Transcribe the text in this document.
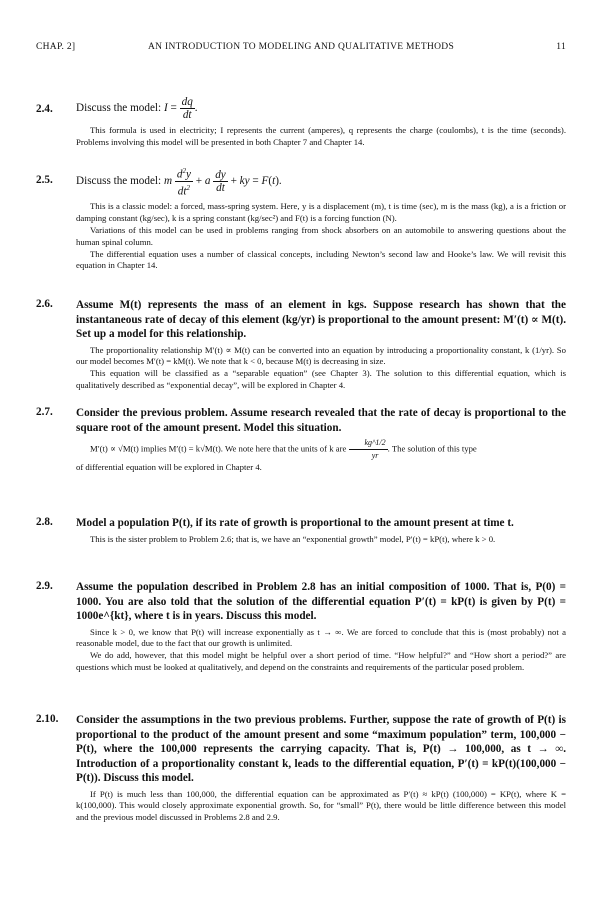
CHAP. 2]	AN INTRODUCTION TO MODELING AND QUALITATIVE METHODS	11
2.4.	Discuss the model: $I = \frac{dq}{dt}$ .

This formula is used in electricity; I represents the current (amperes), q represents the charge (coulombs), t is the time (seconds). Problems involving this model will be presented in both Chapter 7 and Chapter 14.

2.5.	Discuss the model: m $\frac{d^2y}{dt^2} + a \frac{dy}{dt}$ + ky = F(t).

This is a classic model: a forced, mass-spring system. Here, y is a displacement (m), t is time (sec), m is the mass (kg), a is a friction or damping constant (kg/sec), k is a spring constant (kg/sec²) and F(t) is a forcing function (N).

Variations of this model can be used in problems ranging from shock absorbers on an automobile to answering questions about the human spinal column.

The differential equation uses a number of classical concepts, including Newton’s second law and Hooke’s law. We will revisit this equation in Chapter 14.

2.6.	Assume M(t) represents the mass of an element in kgs. Suppose research has shown that the instantaneous rate of decay of this element (kg/yr) is proportional to the amount present: M′(t) ∝ M(t). Set up a model for this relationship.

The proportionality relationship M′(t) ∝ M(t) can be converted into an equation by introducing a proportionality constant, k (1/yr). So our model becomes M′(t) = kM(t). We note that k < 0, because M(t) is decreasing in size.

This equation will be classified as a “separable equation” (see Chapter 3). The solution to this differential equation, which is qualitatively described as “exponential decay”, will be explored in Chapter 4.

2.7.	Consider the previous problem. Assume research revealed that the rate of decay is proportional to the square root of the amount present. Model this situation.

M′(t) ∝ √M(t) implies M′(t) = k√M(t). We note here that the units of k are $\frac{kg\^{}1/2}{yr}$ . The solution of this type

of differential equation will be explored in Chapter 4.

2.8.	Model a population P(t), if its rate of growth is proportional to the amount present at time t.

This is the sister problem to Problem 2.6; that is, we have an “exponential growth” model, P′(t) = kP(t), where k > 0.

2.9.	Assume the population described in Problem 2.8 has an initial composition of 1000. That is, P(0) = 1000. You are also told that the solution of the differential equation P′(t) = kP(t) is given by P(t) = 1000e^{kt}, where t is in years. Discuss this model.

Since k > 0, we know that P(t) will increase exponentially as t → ∞. We are forced to conclude that this is (most probably) not a reasonable model, due to the fact that our growth is unlimited.

We do add, however, that this model might be helpful over a short period of time. “How helpful?” and “How short a period?” are questions which must be looked at qualitatively, and depend on the constraints and requirements of the particular posed problem.

2.10.	Consider the assumptions in the two previous problems. Further, suppose the rate of growth of P(t) is proportional to the product of the amount present and some “maximum population” term, 100,000 − P(t), where the 100,000 represents the carrying capacity. That is, P(t) → 100,000, as t → ∞. Introduction of a proportionality constant k, leads to the differential equation, P′(t) = kP(t)(100,000 − P(t)). Discuss this model.

If P(t) is much less than 100,000, the differential equation can be approximated as P′(t) ≈ kP(t) (100,000) = KP(t), where K = k(100,000). This would closely approximate exponential growth. So, for “small” P(t), there would be little difference between this model and the previous model discussed in Problems 2.8 and 2.9.
